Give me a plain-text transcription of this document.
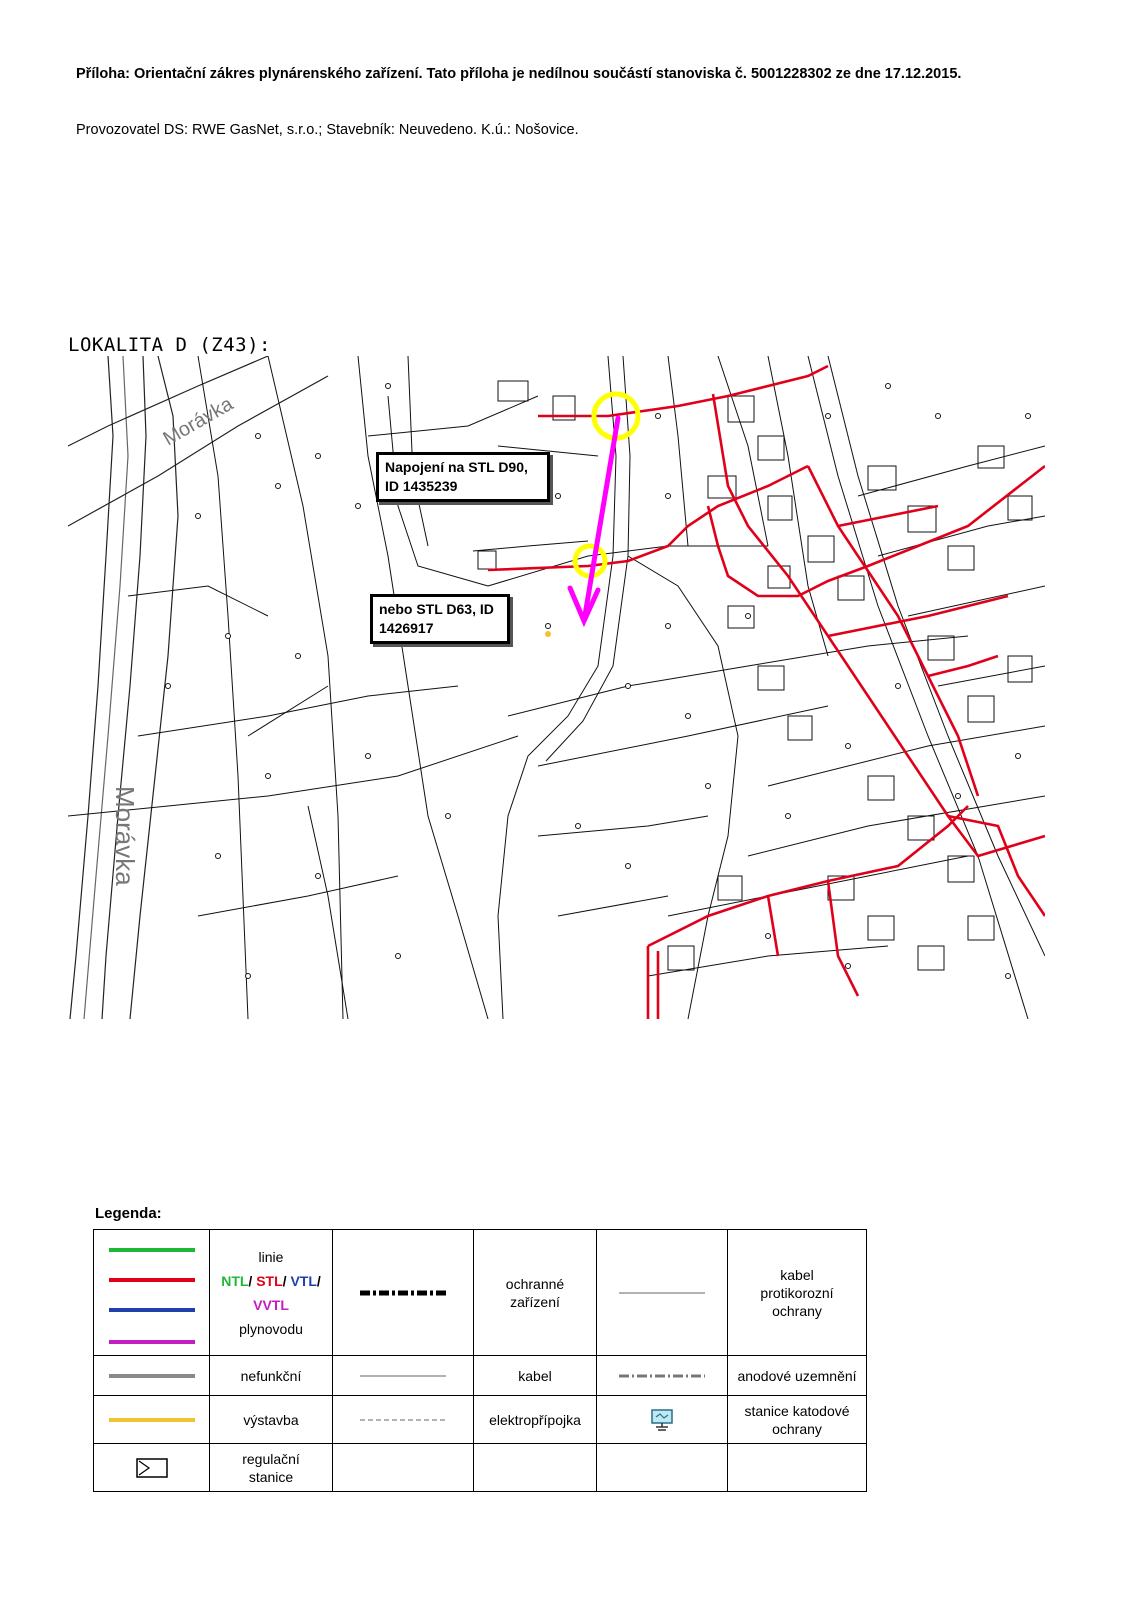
Příloha: Orientační zákres plynárenského zařízení. Tato příloha je nedílnou součástí stanoviska č. 5001228302 ze dne 17.12.2015.
Provozovatel DS: RWE GasNet, s.r.o.; Stavebník: Neuvedeno. K.ú.: Nošovice.
LOKALITA D (Z43):
Morávka
Morávka
Napojení na STL D90,
ID 1435239
nebo STL D63, ID
1426917
Legenda:

linie
NTL/ STL/ VTL/
VVTL
plynovodu		ochranné zařízení		kabel protikorozní ochrany

	nefunkční		kabel		anodové uzemnění

	výstavba		elektropřípojka		stanice katodové ochrany

regulační stanice				
